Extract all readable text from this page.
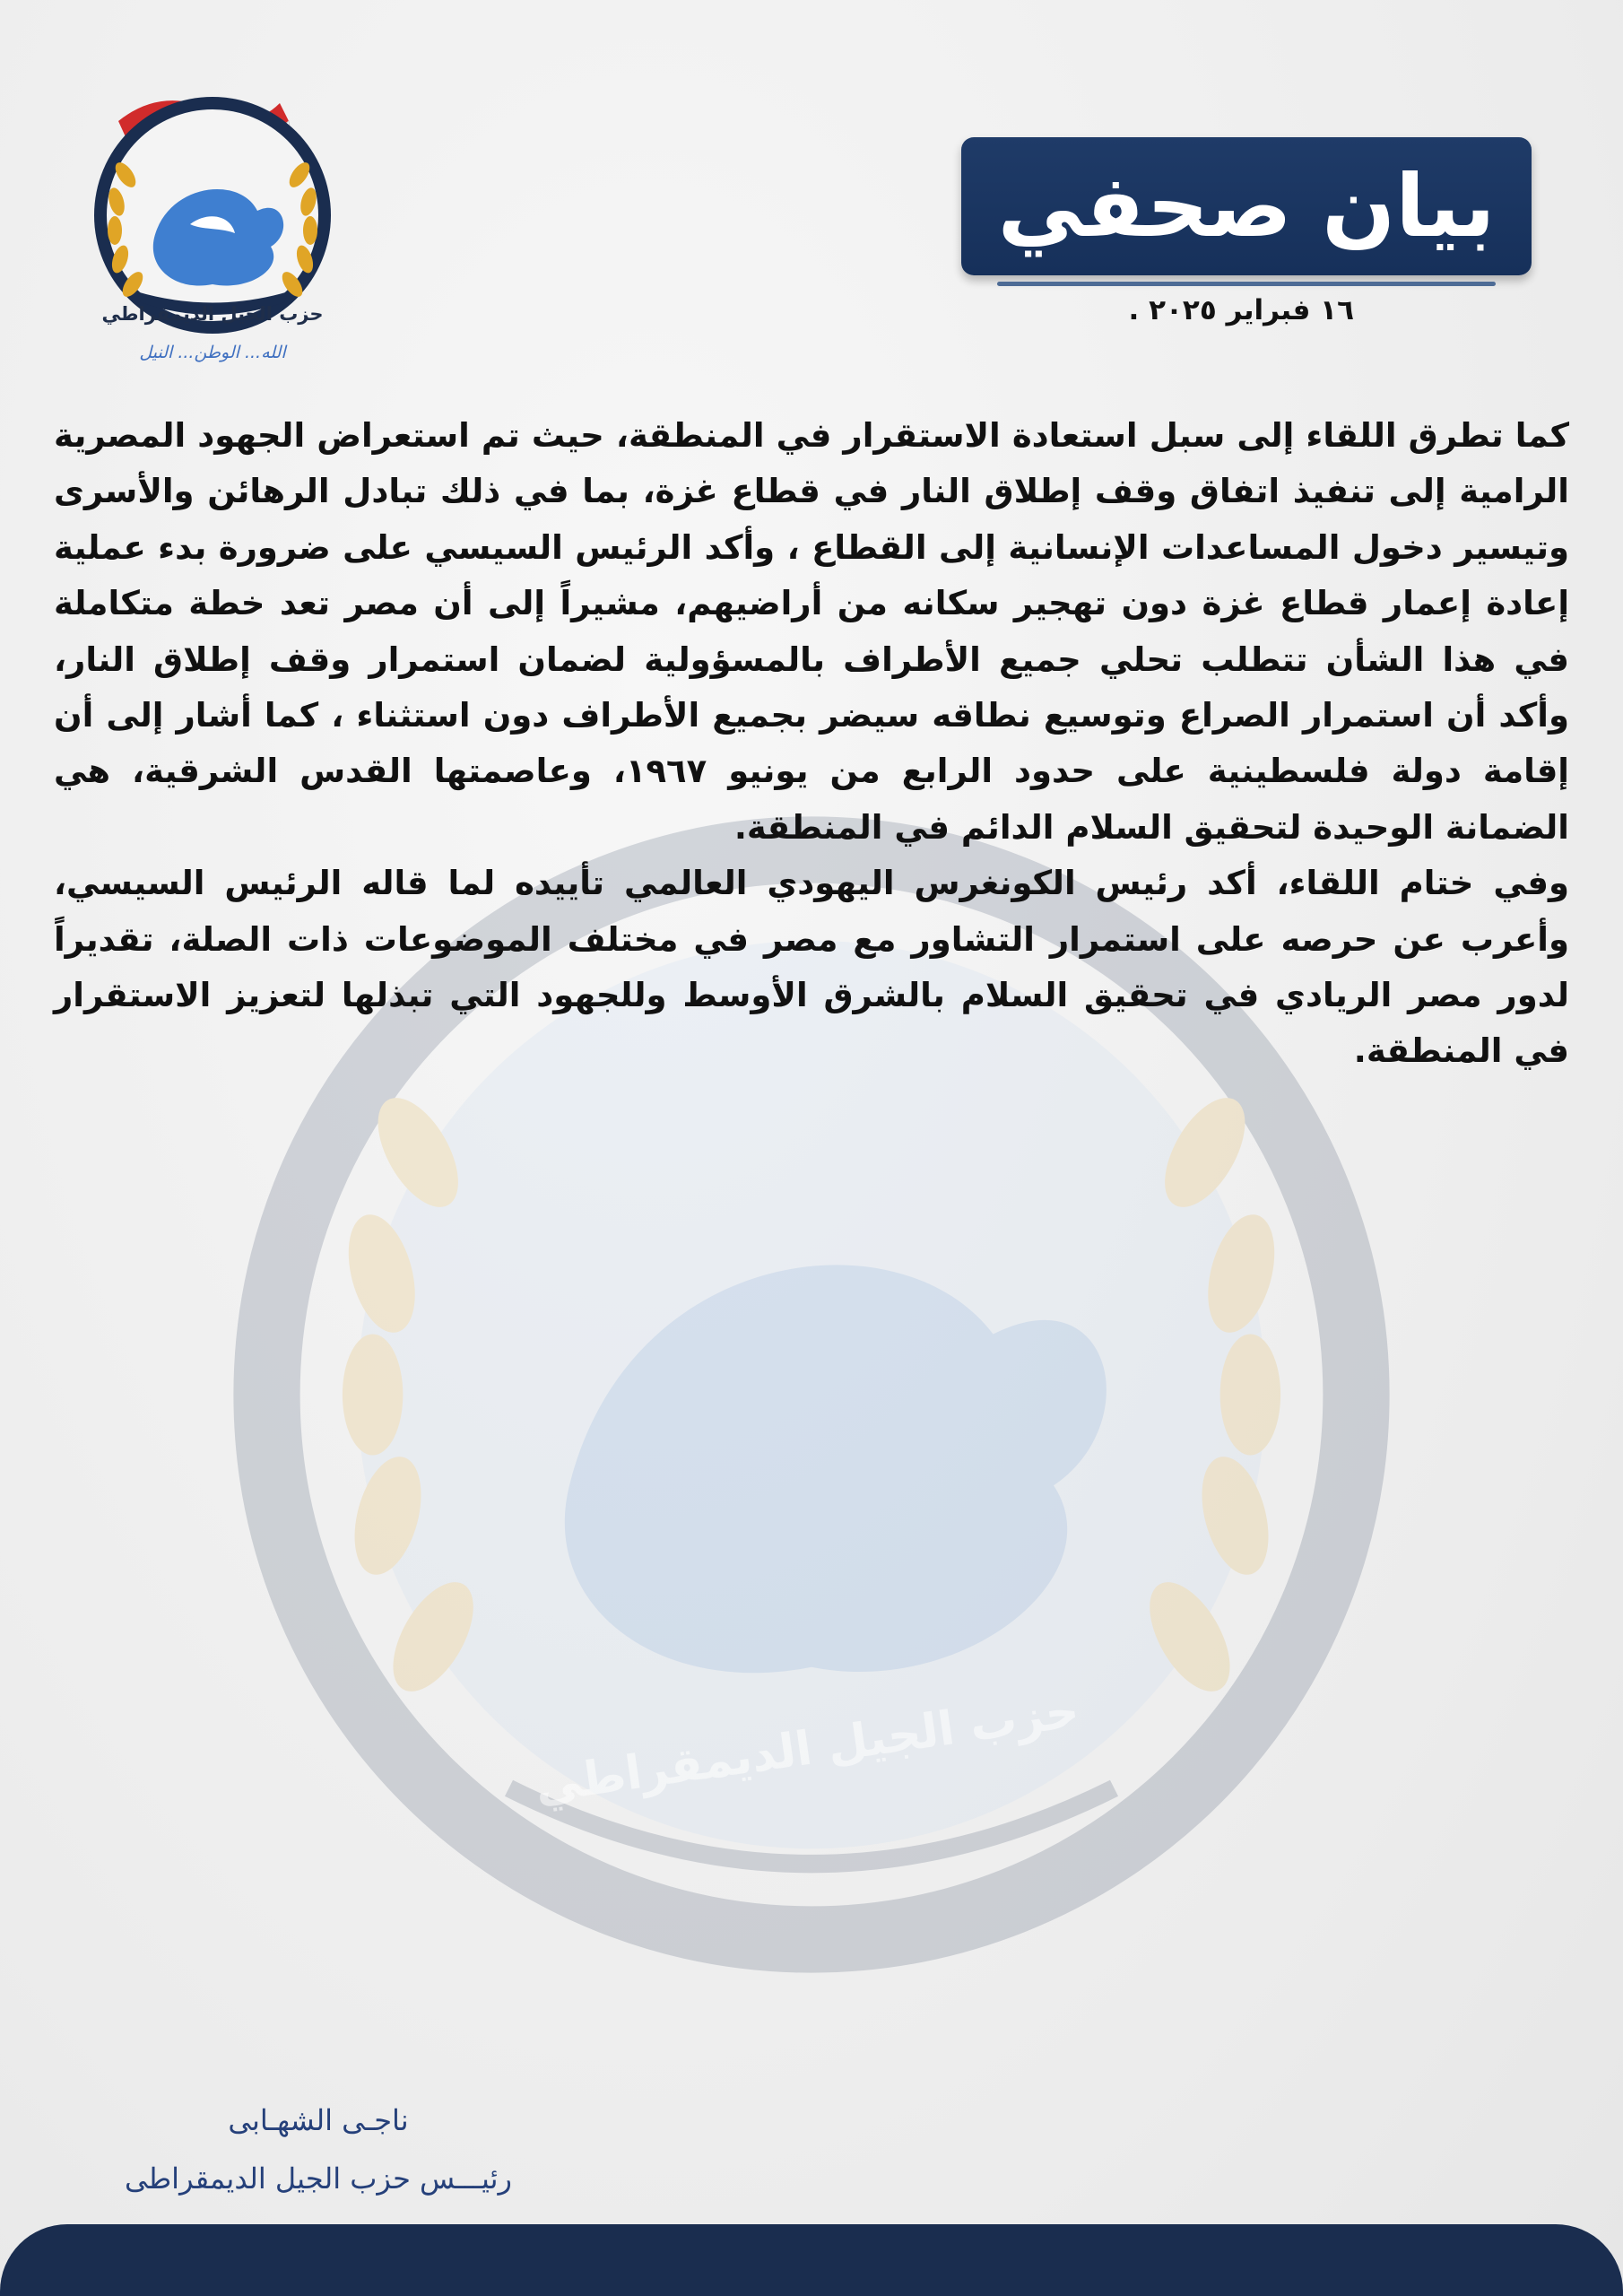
حزب الجيل الديمقراطي
حزب الجيل الديمقراطي
الله... الوطن... النيل
بيان صحفي
١٦ فبراير ٢٠٢٥ .

كما تطرق اللقاء إلى سبل استعادة الاستقرار في المنطقة، حيث تم استعراض الجهود المصرية الرامية إلى تنفيذ اتفاق وقف إطلاق النار في قطاع غزة، بما في ذلك تبادل الرهائن والأسرى وتيسير دخول المساعدات الإنسانية إلى القطاع ، وأكد الرئيس السيسي على ضرورة بدء عملية إعادة إعمار قطاع غزة دون تهجير سكانه من أراضيهم، مشيراً إلى أن مصر تعد خطة متكاملة في هذا الشأن تتطلب تحلي جميع الأطراف بالمسؤولية لضمان استمرار وقف إطلاق النار، وأكد أن استمرار الصراع وتوسيع نطاقه سيضر بجميع الأطراف دون استثناء ، كما أشار إلى أن إقامة دولة فلسطينية على حدود الرابع من يونيو ١٩٦٧، وعاصمتها القدس الشرقية، هي الضمانة الوحيدة لتحقيق السلام الدائم في المنطقة.

وفي ختام اللقاء، أكد رئيس الكونغرس اليهودي العالمي تأييده لما قاله الرئيس السيسي، وأعرب عن حرصه على استمرار التشاور مع مصر في مختلف الموضوعات ذات الصلة، تقديراً لدور مصر الريادي في تحقيق السلام بالشرق الأوسط وللجهود التي تبذلها لتعزيز الاستقرار في المنطقة.

ناجـى الشهـابى
رئيـــس حزب الجيل الديمقراطى
